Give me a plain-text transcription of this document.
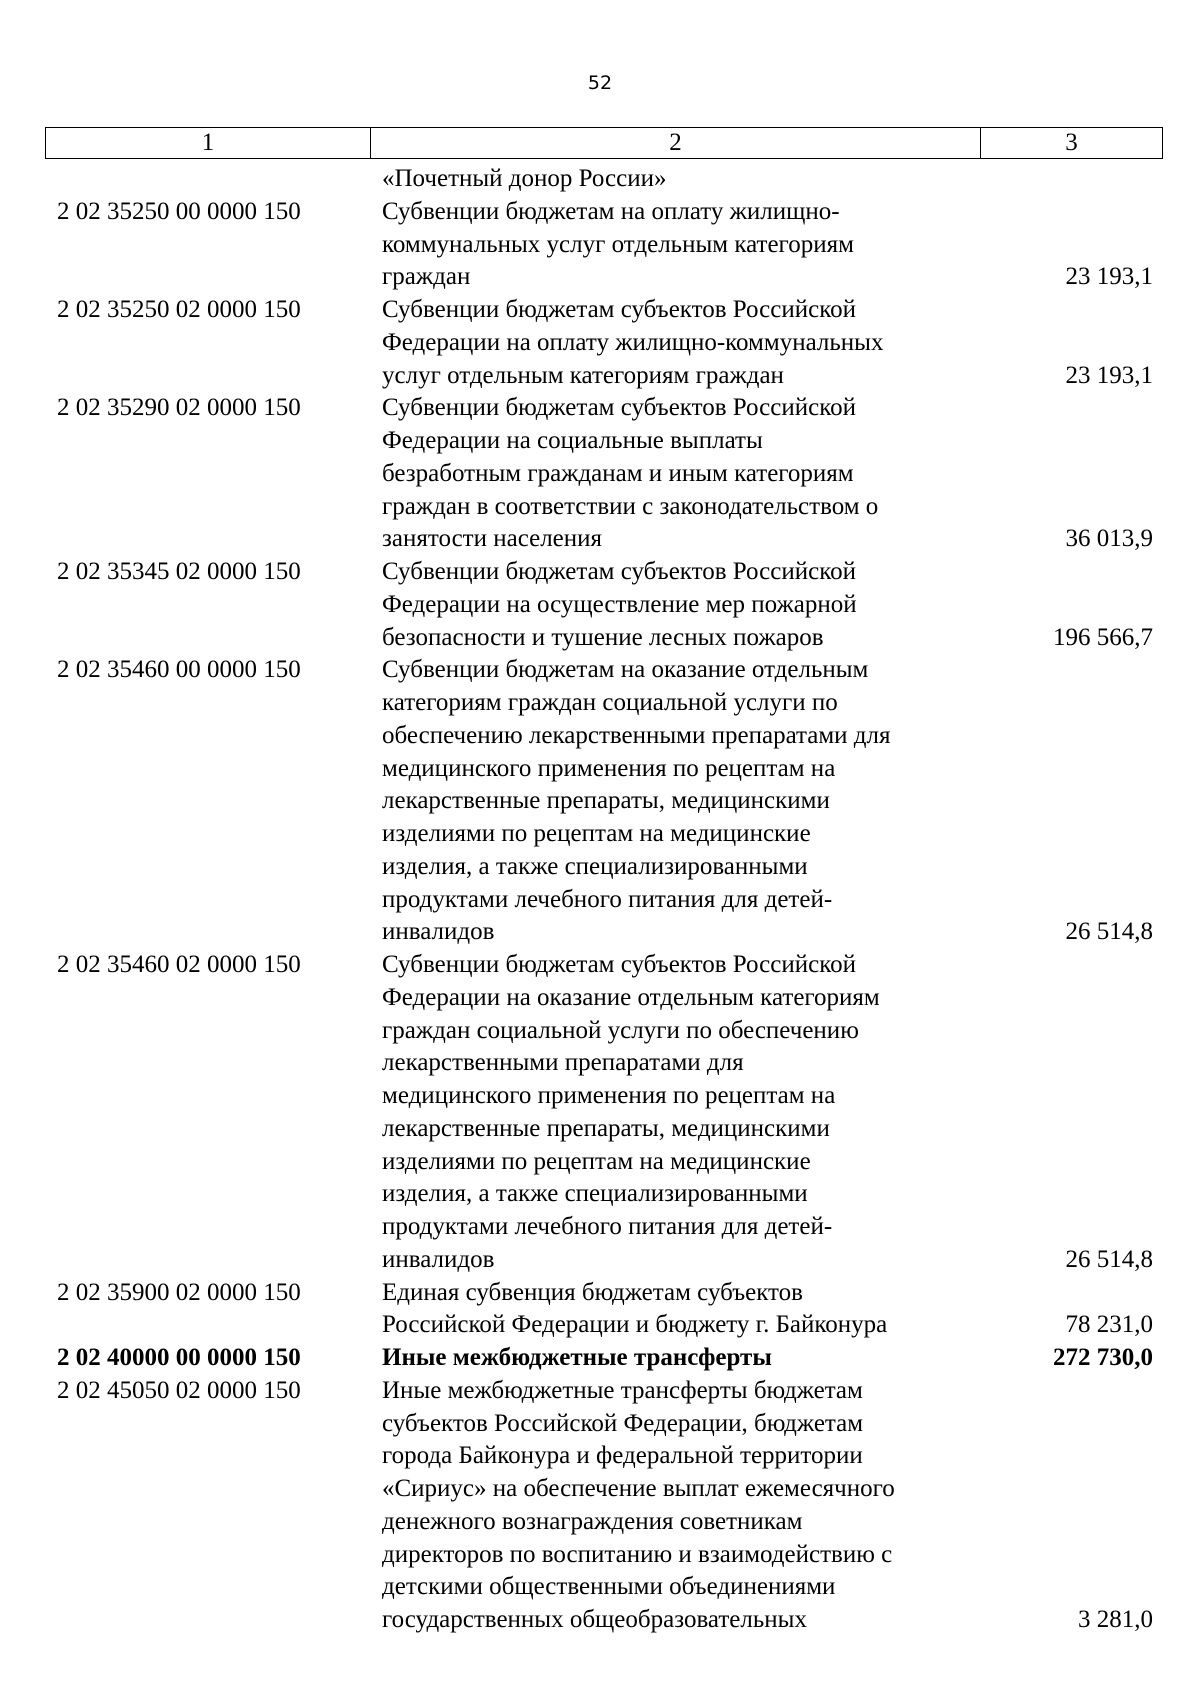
52
1	2	3
«Почетный донор России»
2 02 35250 00 0000 150	Субвенции бюджетам на оплату жилищно-
коммунальных услуг отдельным категориям
граждан	23 193,1
2 02 35250 02 0000 150	Субвенции бюджетам субъектов Российской
Федерации на оплату жилищно-коммунальных
услуг отдельным категориям граждан	23 193,1
2 02 35290 02 0000 150	Субвенции бюджетам субъектов Российской
Федерации на социальные выплаты
безработным гражданам и иным категориям
граждан в соответствии с законодательством о
занятости населения	36 013,9
2 02 35345 02 0000 150	Субвенции бюджетам субъектов Российской
Федерации на осуществление мер пожарной
безопасности и тушение лесных пожаров	196 566,7
2 02 35460 00 0000 150	Субвенции бюджетам на оказание отдельным
категориям граждан социальной услуги по
обеспечению лекарственными препаратами для
медицинского применения по рецептам на
лекарственные препараты, медицинскими
изделиями по рецептам на медицинские
изделия, а также специализированными
продуктами лечебного питания для детей-
инвалидов	26 514,8
2 02 35460 02 0000 150	Субвенции бюджетам субъектов Российской
Федерации на оказание отдельным категориям
граждан социальной услуги по обеспечению
лекарственными препаратами для
медицинского применения по рецептам на
лекарственные препараты, медицинскими
изделиями по рецептам на медицинские
изделия, а также специализированными
продуктами лечебного питания для детей-
инвалидов	26 514,8
2 02 35900 02 0000 150	Единая субвенция бюджетам субъектов
Российской Федерации и бюджету г. Байконура	78 231,0
2 02 40000 00 0000 150	Иные межбюджетные трансферты	272 730,0
2 02 45050 02 0000 150	Иные межбюджетные трансферты бюджетам
субъектов Российской Федерации, бюджетам
города Байконура и федеральной территории
«Сириус» на обеспечение выплат ежемесячного
денежного вознаграждения советникам
директоров по воспитанию и взаимодействию с
детскими общественными объединениями
государственных общеобразовательных	3 281,0
